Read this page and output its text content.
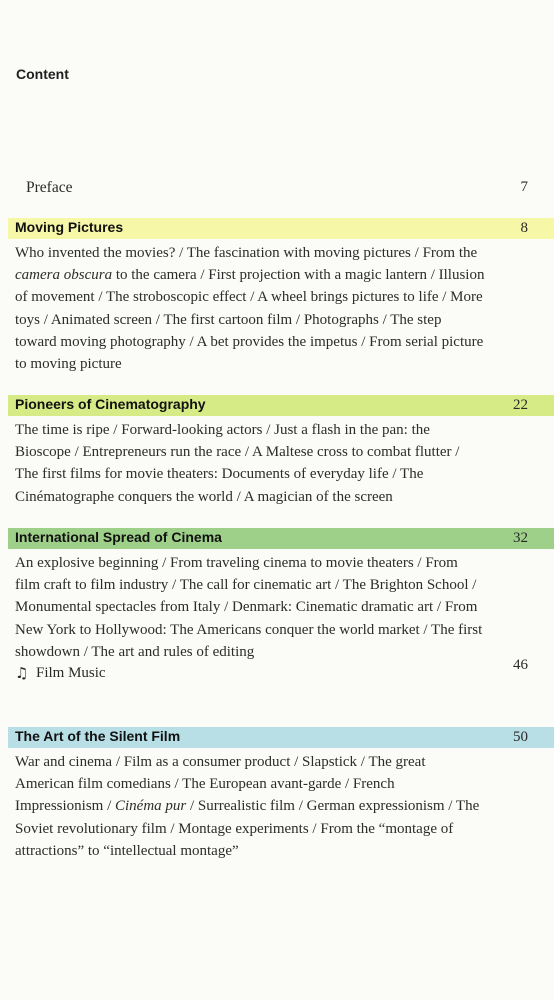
Content
Preface	7
Moving Pictures	8
Who invented the movies? / The fascination with moving pictures / From the camera obscura to the camera / First projection with a magic lantern / Illusion of movement / The stroboscopic effect / A wheel brings pictures to life / More toys / Animated screen / The first cartoon film / Photographs / The step toward moving photography / A bet provides the impetus / From serial picture to moving picture
Pioneers of Cinematography	22
The time is ripe / Forward-looking actors / Just a flash in the pan: the Bioscope / Entrepreneurs run the race / A Maltese cross to combat flutter / The first films for movie theaters: Documents of everyday life / The Cinématographe conquers the world / A magician of the screen
International Spread of Cinema	32
An explosive beginning / From traveling cinema to movie theaters / From film craft to film industry / The call for cinematic art / The Brighton School / Monumental spectacles from Italy / Denmark: Cinematic dramatic art / From New York to Hollywood: The Americans conquer the world market / The first showdown / The art and rules of editing
♫ Film Music	46
The Art of the Silent Film	50
War and cinema / Film as a consumer product / Slapstick / The great American film comedians / The European avant-garde / French Impressionism / Cinéma pur / Surrealistic film / German expressionism / The Soviet revolutionary film / Montage experiments / From the “montage of attractions” to “intellectual montage”
